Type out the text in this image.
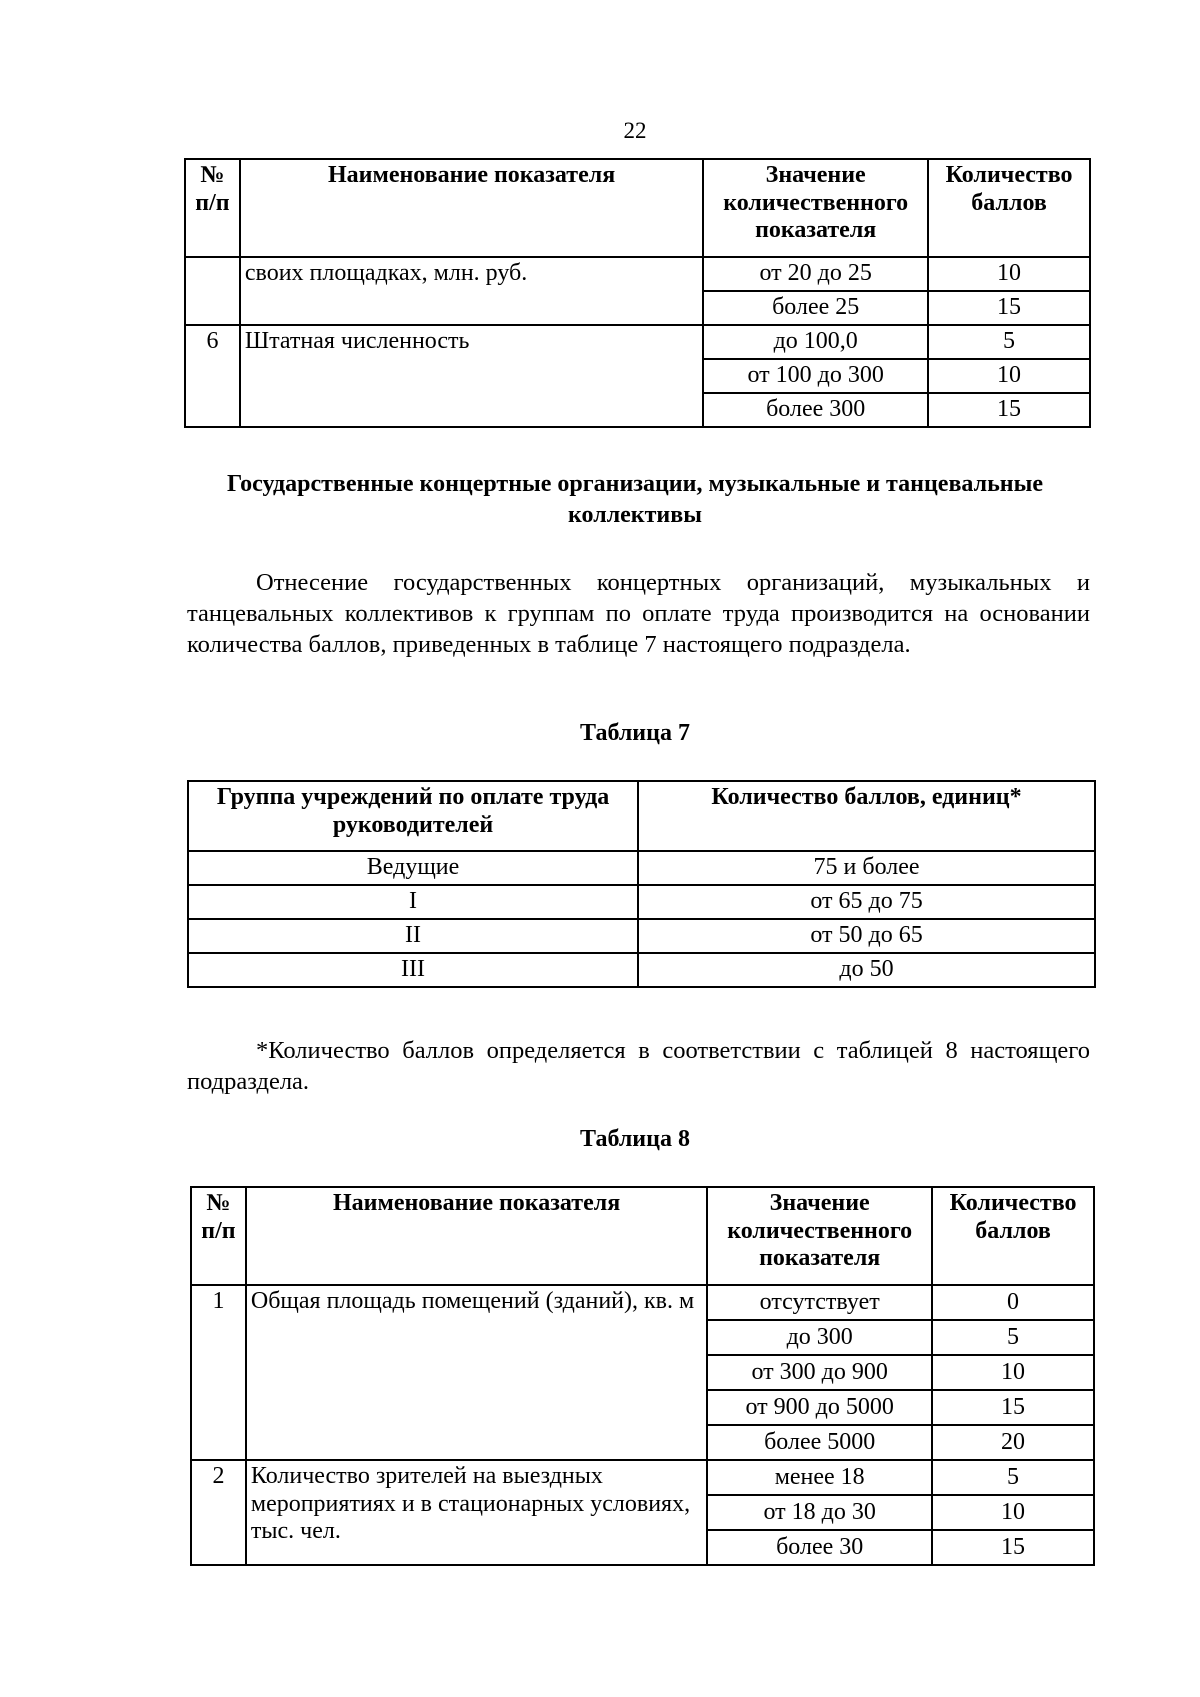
22
№ п/п	Наименование показателя	Значение количественного показателя	Количество баллов
	своих площадках, млн. руб.	от 20 до 25	10
		более 25	15
6	Штатная численность	до 100,0	5
		от 100 до 300	10
		более 300	15
Государственные концертные организации, музыкальные и танцевальные коллективы
Отнесение государственных концертных организаций, музыкальных и танцевальных коллективов к группам по оплате труда производится на основании количества баллов, приведенных в таблице 7 настоящего подраздела.
Таблица 7
Группа учреждений по оплате труда руководителей	Количество баллов, единиц*
Ведущие	75 и более
I	от 65 до 75
II	от 50 до 65
III	до 50
*Количество баллов определяется в соответствии с таблицей 8 настоящего подраздела.
Таблица 8
№ п/п	Наименование показателя	Значение количественного показателя	Количество баллов
1	Общая площадь помещений (зданий), кв. м	отсутствует	0
		до 300	5
		от 300 до 900	10
		от 900 до 5000	15
		более 5000	20
2	Количество зрителей на выездных мероприятиях и в стационарных условиях, тыс. чел.	менее 18	5
		от 18 до 30	10
		более 30	15
